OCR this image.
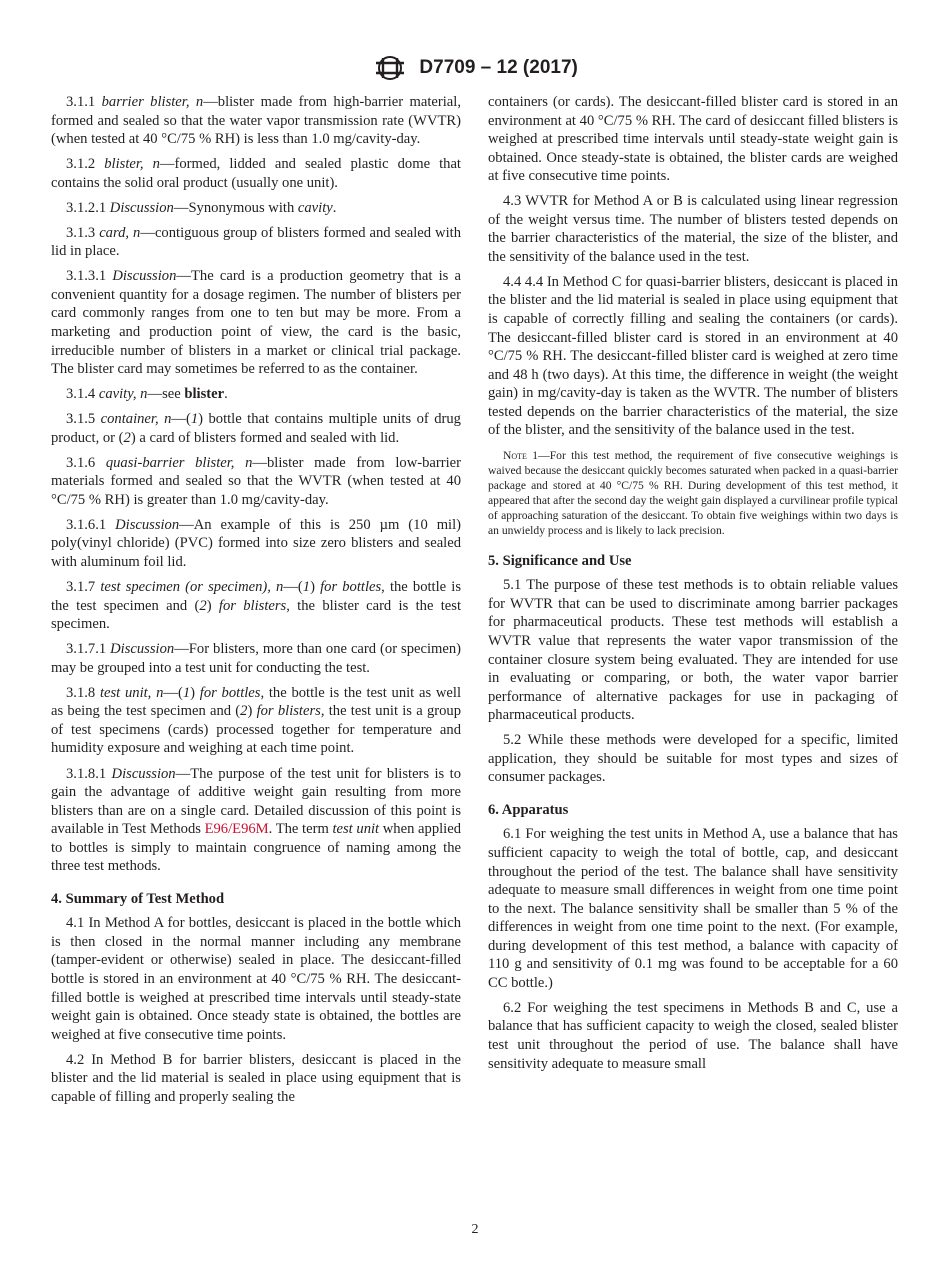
D7709 – 12 (2017)
3.1.1 barrier blister, n—blister made from high-barrier material, formed and sealed so that the water vapor transmission rate (WVTR) (when tested at 40 °C/75 % RH) is less than 1.0 mg/cavity-day.
3.1.2 blister, n—formed, lidded and sealed plastic dome that contains the solid oral product (usually one unit).
3.1.2.1 Discussion—Synonymous with cavity.
3.1.3 card, n—contiguous group of blisters formed and sealed with lid in place.
3.1.3.1 Discussion—The card is a production geometry that is a convenient quantity for a dosage regimen. The number of blisters per card commonly ranges from one to ten but may be more. From a marketing and production point of view, the card is the basic, irreducible number of blisters in a market or clinical trial package. The blister card may sometimes be referred to as the container.
3.1.4 cavity, n—see blister.
3.1.5 container, n—(1) bottle that contains multiple units of drug product, or (2) a card of blisters formed and sealed with lid.
3.1.6 quasi-barrier blister, n—blister made from low-barrier materials formed and sealed so that the WVTR (when tested at 40 °C/75 % RH) is greater than 1.0 mg/cavity-day.
3.1.6.1 Discussion—An example of this is 250 µm (10 mil) poly(vinyl chloride) (PVC) formed into size zero blisters and sealed with aluminum foil lid.
3.1.7 test specimen (or specimen), n—(1) for bottles, the bottle is the test specimen and (2) for blisters, the blister card is the test specimen.
3.1.7.1 Discussion—For blisters, more than one card (or specimen) may be grouped into a test unit for conducting the test.
3.1.8 test unit, n—(1) for bottles, the bottle is the test unit as well as being the test specimen and (2) for blisters, the test unit is a group of test specimens (cards) processed together for temperature and humidity exposure and weighing at each time point.
3.1.8.1 Discussion—The purpose of the test unit for blisters is to gain the advantage of additive weight gain resulting from more blisters than are on a single card. Detailed discussion of this point is available in Test Methods E96/E96M. The term test unit when applied to bottles is simply to maintain congruence of naming among the three test methods.
4. Summary of Test Method
4.1 In Method A for bottles, desiccant is placed in the bottle which is then closed in the normal manner including any membrane (tamper-evident or otherwise) sealed in place. The desiccant-filled bottle is stored in an environment at 40 °C/75 % RH. The desiccant-filled bottle is weighed at prescribed time intervals until steady-state weight gain is obtained. Once steady state is obtained, the bottles are weighed at five consecutive time points.
4.2 In Method B for barrier blisters, desiccant is placed in the blister and the lid material is sealed in place using equipment that is capable of filling and properly sealing the
containers (or cards). The desiccant-filled blister card is stored in an environment at 40 °C/75 % RH. The card of desiccant filled blisters is weighed at prescribed time intervals until steady-state weight gain is obtained. Once steady-state is obtained, the blister cards are weighed at five consecutive time points.
4.3 WVTR for Method A or B is calculated using linear regression of the weight versus time. The number of blisters tested depends on the barrier characteristics of the material, the size of the blister, and the sensitivity of the balance used in the test.
4.4 4.4 In Method C for quasi-barrier blisters, desiccant is placed in the blister and the lid material is sealed in place using equipment that is capable of correctly filling and sealing the containers (or cards). The desiccant-filled blister card is stored in an environment at 40 °C/75 % RH. The desiccant-filled blister card is weighed at zero time and 48 h (two days). At this time, the difference in weight (the weight gain) in mg/cavity-day is taken as the WVTR. The number of blisters tested depends on the barrier characteristics of the material, the size of the blister, and the sensitivity of the balance used in the test.
Note 1—For this test method, the requirement of five consecutive weighings is waived because the desiccant quickly becomes saturated when packed in a quasi-barrier package and stored at 40 °C/75 % RH. During development of this test method, it appeared that after the second day the weight gain displayed a curvilinear profile typical of approaching saturation of the desiccant. To obtain five weighings within two days is an unwieldy process and is likely to lack precision.
5. Significance and Use
5.1 The purpose of these test methods is to obtain reliable values for WVTR that can be used to discriminate among barrier packages for pharmaceutical products. These test methods will establish a WVTR value that represents the water vapor transmission of the container closure system being evaluated. They are intended for use in evaluating or comparing, or both, the water vapor barrier performance of alternative packages for use in packaging of pharmaceutical products.
5.2 While these methods were developed for a specific, limited application, they should be suitable for most types and sizes of consumer packages.
6. Apparatus
6.1 For weighing the test units in Method A, use a balance that has sufficient capacity to weigh the total of bottle, cap, and desiccant throughout the period of the test. The balance shall have sensitivity adequate to measure small differences in weight from one time point to the next. The balance sensitivity shall be smaller than 5 % of the differences in weight from one time point to the next. (For example, during development of this test method, a balance with capacity of 110 g and sensitivity of 0.1 mg was found to be acceptable for a 60 CC bottle.)
6.2 For weighing the test specimens in Methods B and C, use a balance that has sufficient capacity to weigh the closed, sealed blister test unit throughout the period of use. The balance shall have sensitivity adequate to measure small
2
